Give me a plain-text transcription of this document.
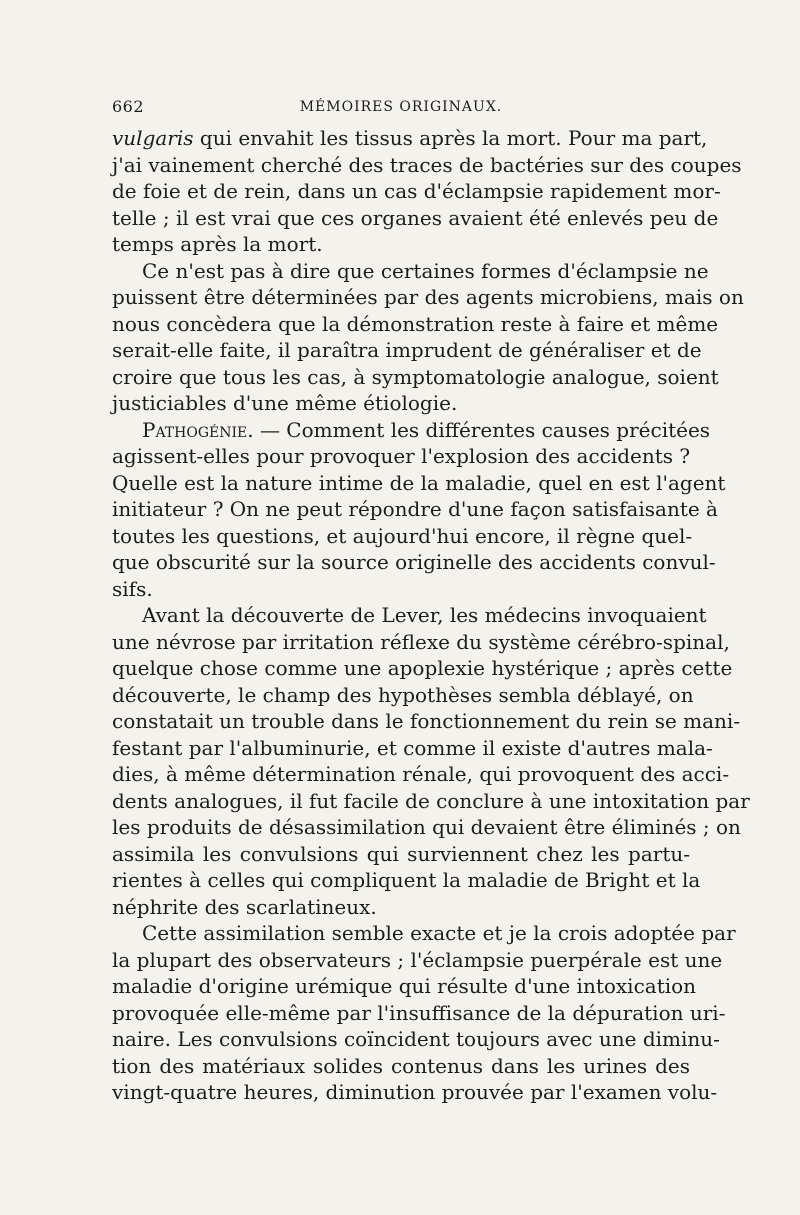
662	MÉMOIRES ORIGINAUX.

vulgaris qui envahit les tissus après la mort. Pour ma part,
j'ai vainement cherché des traces de bactéries sur des coupes
de foie et de rein, dans un cas d'éclampsie rapidement mor-
telle ; il est vrai que ces organes avaient été enlevés peu de
temps après la mort.

Ce n'est pas à dire que certaines formes d'éclampsie ne
puissent être déterminées par des agents microbiens, mais on
nous concèdera que la démonstration reste à faire et même
serait-elle faite, il paraîtra imprudent de généraliser et de
croire que tous les cas, à symptomatologie analogue, soient
justiciables d'une même étiologie.

Pathogénie. — Comment les différentes causes précitées
agissent-elles pour provoquer l'explosion des accidents ?
Quelle est la nature intime de la maladie, quel en est l'agent
initiateur ? On ne peut répondre d'une façon satisfaisante à
toutes les questions, et aujourd'hui encore, il règne quel-
que obscurité sur la source originelle des accidents convul-
sifs.

Avant la découverte de Lever, les médecins invoquaient
une névrose par irritation réflexe du système cérébro-spinal,
quelque chose comme une apoplexie hystérique ; après cette
découverte, le champ des hypothèses sembla déblayé, on
constatait un trouble dans le fonctionnement du rein se mani-
festant par l'albuminurie, et comme il existe d'autres mala-
dies, à même détermination rénale, qui provoquent des acci-
dents analogues, il fut facile de conclure à une intoxitation par
les produits de désassimilation qui devaient être éliminés ; on
assimila les convulsions qui surviennent chez les partu-
rientes à celles qui compliquent la maladie de Bright et la
néphrite des scarlatineux.

Cette assimilation semble exacte et je la crois adoptée par
la plupart des observateurs ; l'éclampsie puerpérale est une
maladie d'origine urémique qui résulte d'une intoxication
provoquée elle-même par l'insuffisance de la dépuration uri-
naire. Les convulsions coïncident toujours avec une diminu-
tion des matériaux solides contenus dans les urines des
vingt-quatre heures, diminution prouvée par l'examen volu-
